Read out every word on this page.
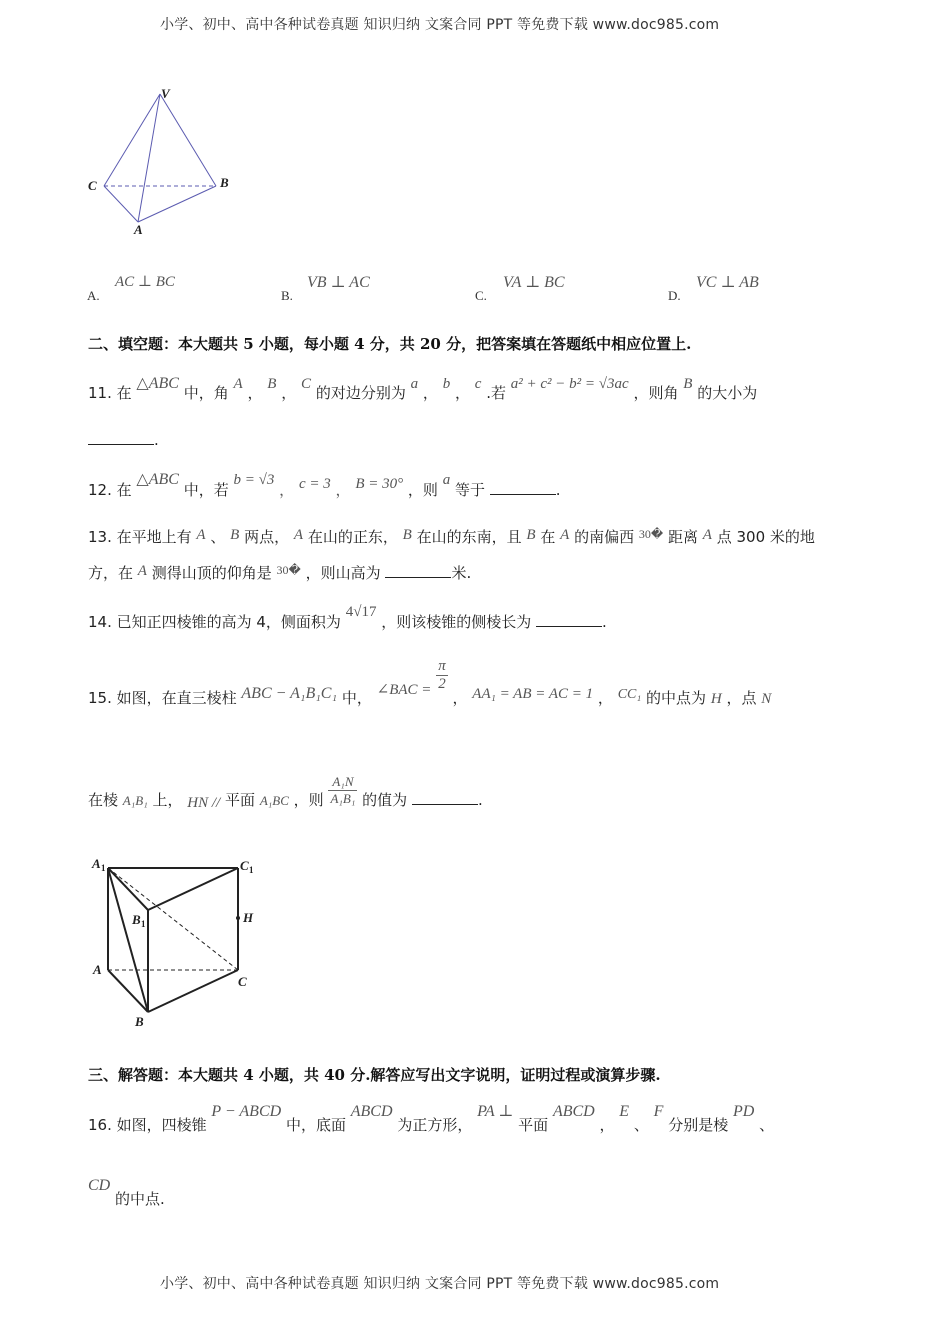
小学、初中、高中各种试卷真题 知识归纳 文案合同 PPT 等免费下载 www.doc985.com
V
C	B
A
A.
AC ⊥ BC
B.
VB ⊥ AC
C.
VA ⊥ BC
D.
VC ⊥ AB
二、填空题：本大题共 5 小题，每小题 4 分，共 20 分，把答案填在答题纸中相应位置上.
11. 在 △ABC 中，角 A ， B ， C 的对边分别为 a ， b ， c .若 a² + c² − b² = √3ac ，则角 B 的大小为
.
12. 在 △ABC 中，若 b = √3 ， c = 3 ， B = 30° ，则 a 等于	.
13. 在平地上有 A 、 B 两点， A 在山的正东， B 在山的东南，且 B 在 A 的南偏西 $^{30�}$ 距离 A 点 300 米的地
方，在 A 测得山顶的仰角是 $^{30�}$ ，则山高为	米.
14. 已知正四棱锥的高为 4，侧面积为 4√17 ，则该棱锥的侧棱长为	.
15. 如图，在直三棱柱 ABC − A₁B₁C₁ 中， ∠BAC = $\frac{\pi}{2}$
， AA₁ = AB = AC = 1 ， CC₁ 的中点为 H ，点 N
在棱 A₁B₁ 上， HN // 平面 A₁BC ，则 $\frac{\text{A₁N}}{\text{A₁B₁}}$ 的值为	.
A 1	C 1
B 1	H
A
C
B
三、解答题：本大题共 4 小题，共 40 分.解答应写出文字说明，证明过程或演算步骤.
16. 如图，四棱锥 P − ABCD 中，底面 ABCD 为正方形， PA ⊥ 平面 ABCD ， E 、 F 分别是棱 PD 、
CD 的中点.
小学、初中、高中各种试卷真题 知识归纳 文案合同 PPT 等免费下载 www.doc985.com
